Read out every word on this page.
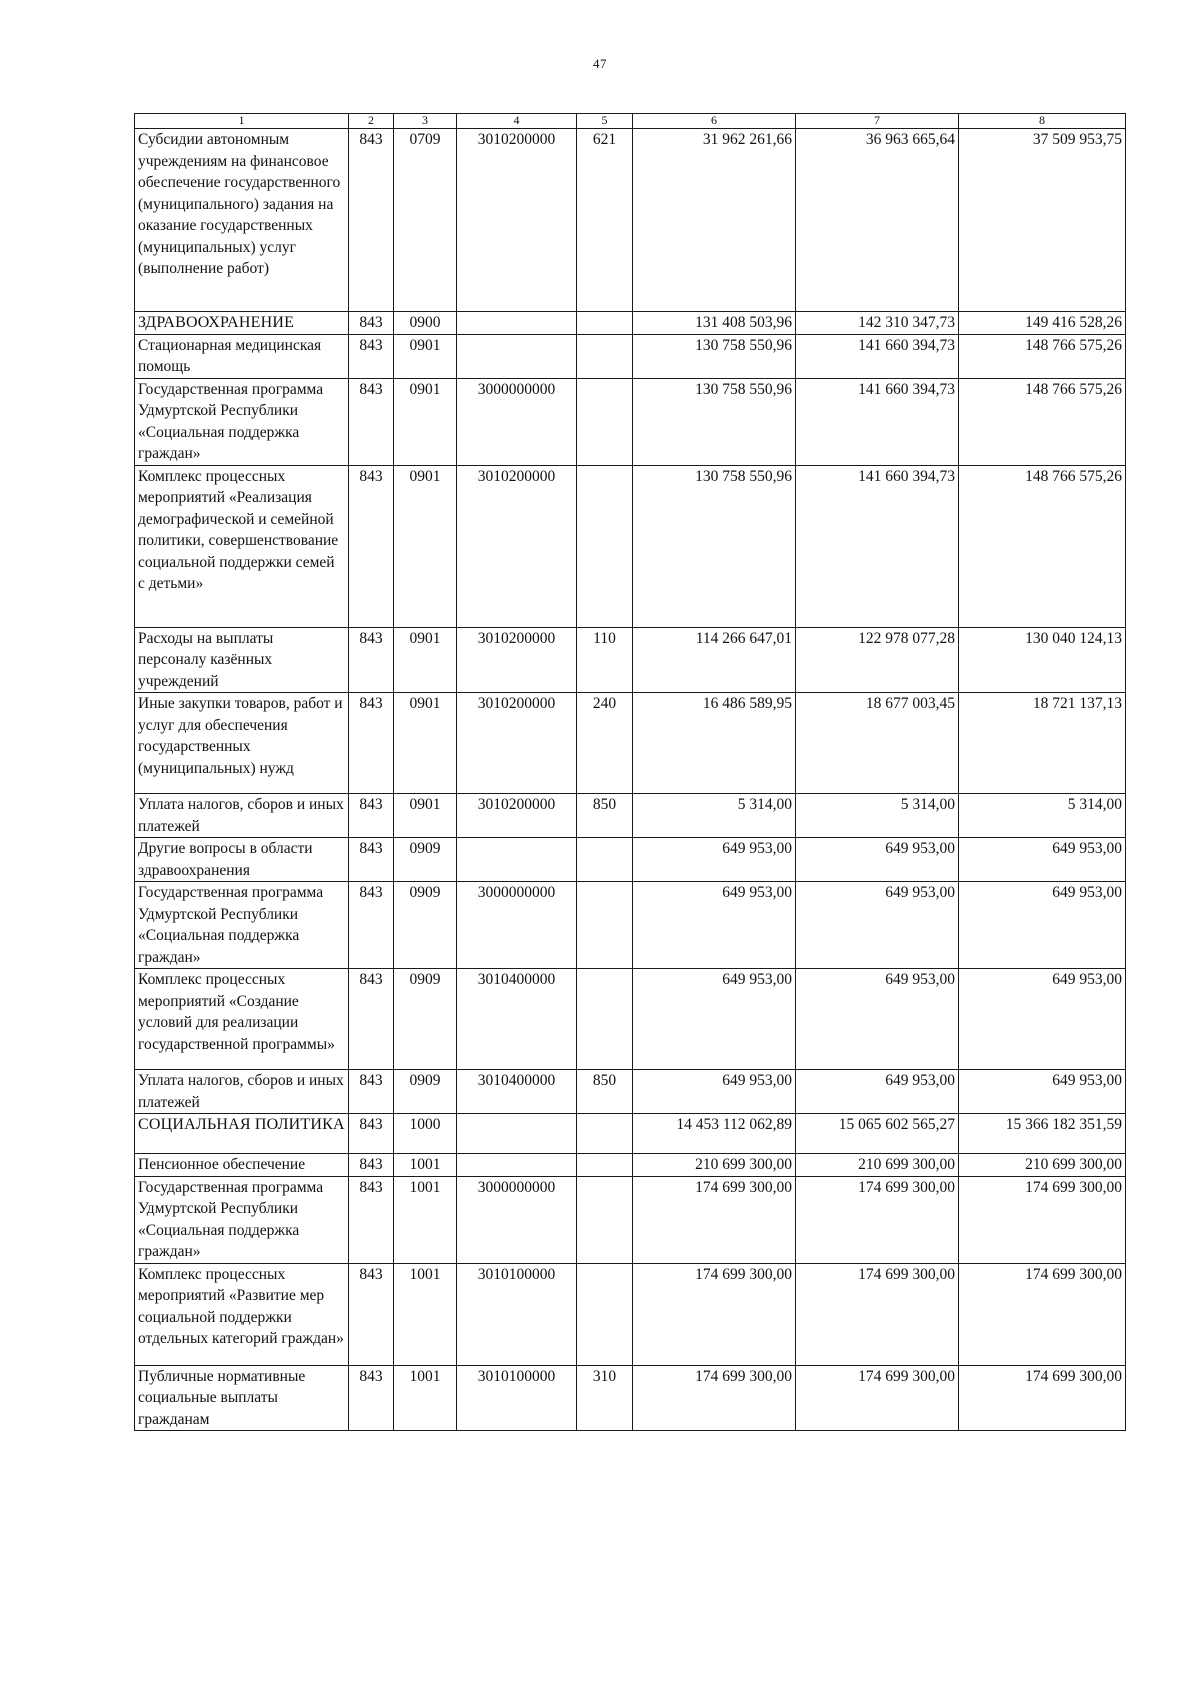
47
1	2	3	4	5	6	7	8
Субсидии автономным учреждениям на финансовое обеспечение государственного (муниципального) задания на оказание государственных (муниципальных) услуг (выполнение работ)	843	0709	3010200000	621	31 962 261,66	36 963 665,64	37 509 953,75
ЗДРАВООХРАНЕНИЕ	843	0900			131 408 503,96	142 310 347,73	149 416 528,26
Стационарная медицинская помощь	843	0901			130 758 550,96	141 660 394,73	148 766 575,26
Государственная программа Удмуртской Республики «Социальная поддержка граждан»	843	0901	3000000000		130 758 550,96	141 660 394,73	148 766 575,26
Комплекс процессных мероприятий «Реализация демографической и семейной политики, совершенствование социальной поддержки семей с детьми»	843	0901	3010200000		130 758 550,96	141 660 394,73	148 766 575,26
Расходы на выплаты персоналу казённых учреждений	843	0901	3010200000	110	114 266 647,01	122 978 077,28	130 040 124,13
Иные закупки товаров, работ и услуг для обеспечения государственных (муниципальных) нужд	843	0901	3010200000	240	16 486 589,95	18 677 003,45	18 721 137,13
Уплата налогов, сборов и иных платежей	843	0901	3010200000	850	5 314,00	5 314,00	5 314,00
Другие вопросы в области здравоохранения	843	0909			649 953,00	649 953,00	649 953,00
Государственная программа Удмуртской Республики «Социальная поддержка граждан»	843	0909	3000000000		649 953,00	649 953,00	649 953,00
Комплекс процессных мероприятий «Создание условий для реализации государственной программы»	843	0909	3010400000		649 953,00	649 953,00	649 953,00
Уплата налогов, сборов и иных платежей	843	0909	3010400000	850	649 953,00	649 953,00	649 953,00
СОЦИАЛЬНАЯ ПОЛИТИКА	843	1000			14 453 112 062,89	15 065 602 565,27	15 366 182 351,59
Пенсионное обеспечение	843	1001			210 699 300,00	210 699 300,00	210 699 300,00
Государственная программа Удмуртской Республики «Социальная поддержка граждан»	843	1001	3000000000		174 699 300,00	174 699 300,00	174 699 300,00
Комплекс процессных мероприятий «Развитие мер социальной поддержки отдельных категорий граждан»	843	1001	3010100000		174 699 300,00	174 699 300,00	174 699 300,00
Публичные нормативные социальные выплаты гражданам	843	1001	3010100000	310	174 699 300,00	174 699 300,00	174 699 300,00
